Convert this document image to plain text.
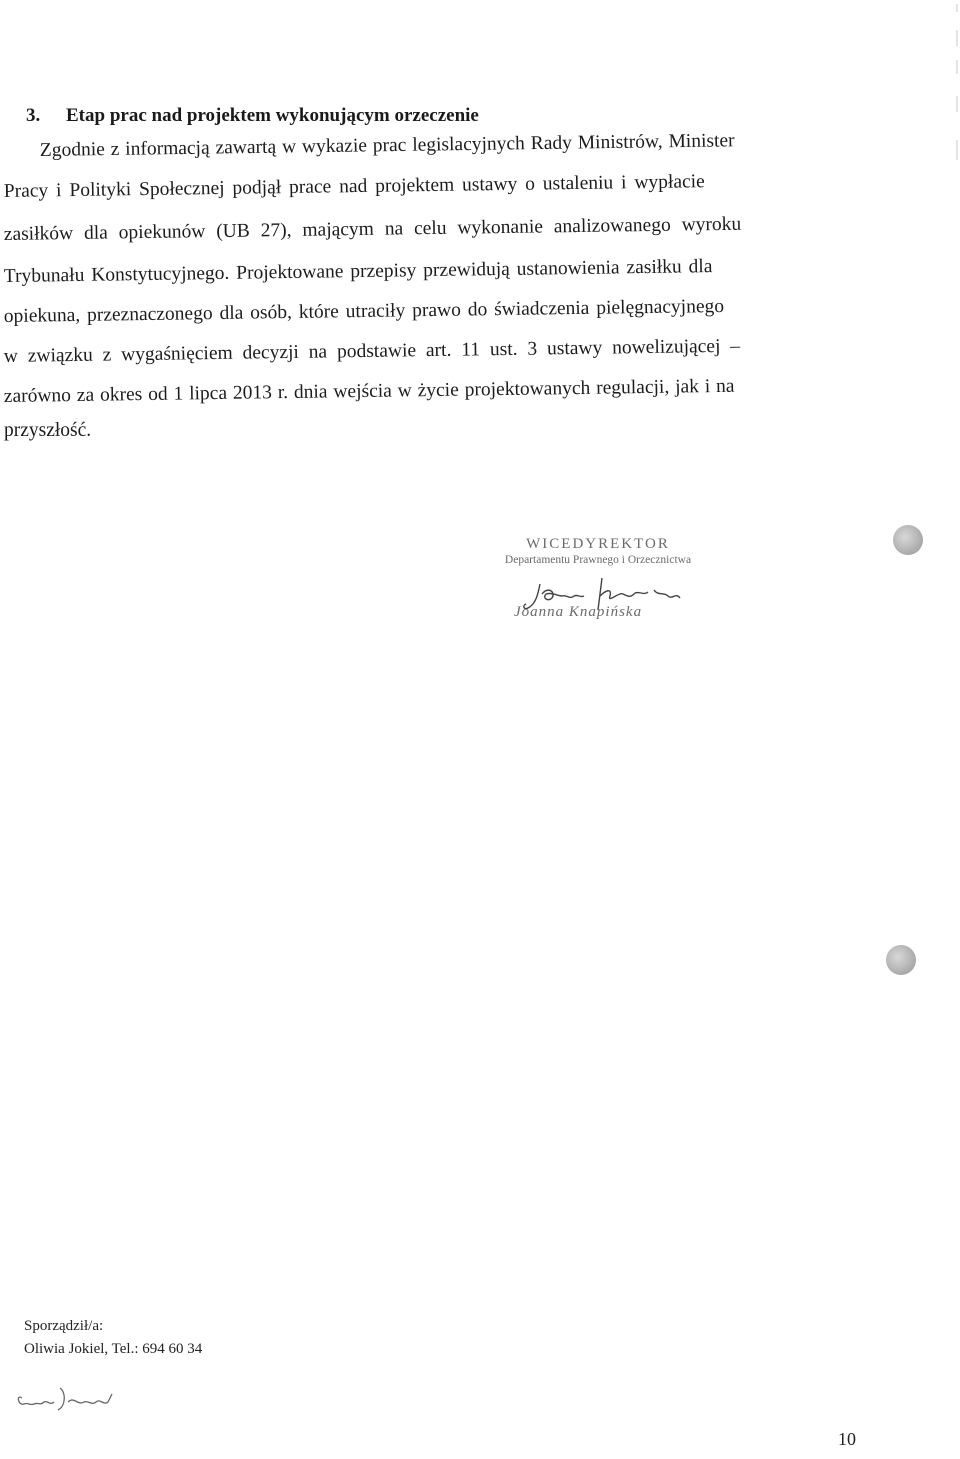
3. Etap prac nad projektem wykonującym orzeczenie
Zgodnie z informacją zawartą w wykazie prac legislacyjnych Rady Ministrów, Minister
Pracy i Polityki Społecznej podjął prace nad projektem ustawy o ustaleniu i wypłacie
zasiłków dla opiekunów (UB 27), mającym na celu wykonanie analizowanego wyroku
Trybunału Konstytucyjnego. Projektowane przepisy przewidują ustanowienia zasiłku dla
opiekuna, przeznaczonego dla osób, które utraciły prawo do świadczenia pielęgnacyjnego
w związku z wygaśnięciem decyzji na podstawie art. 11 ust. 3 ustawy nowelizującej –
zarówno za okres od 1 lipca 2013 r. dnia wejścia w życie projektowanych regulacji, jak i na
przyszłość.
WICEDYREKTOR
Departamentu Prawnego i Orzecznictwa
Joanna Knapińska
Sporządził/a:
Oliwia Jokiel, Tel.: 694 60 34
10
